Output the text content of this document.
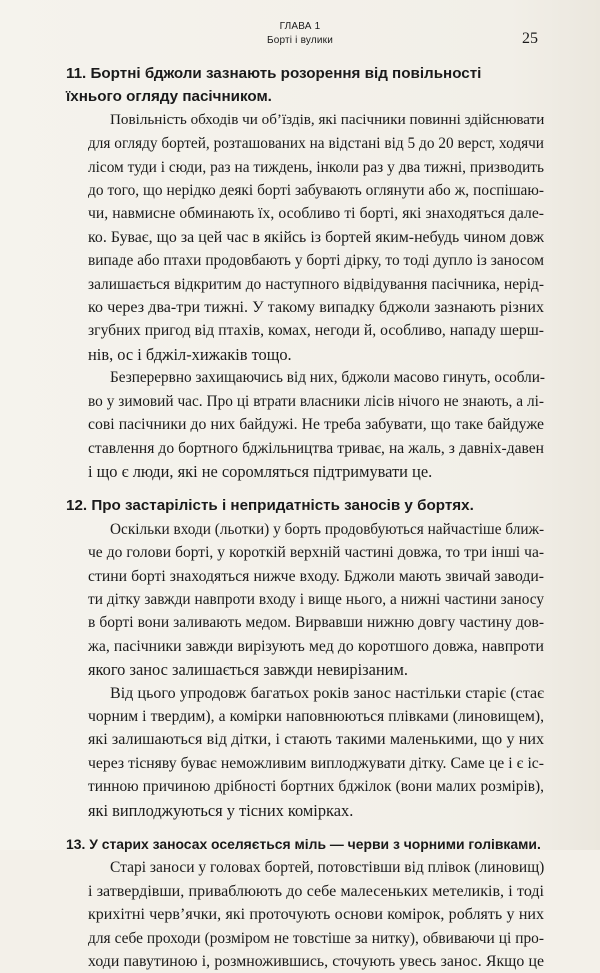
ГЛАВА 1
Борті і вулики	25
11. Бортні бджоли зазнають розорення від повільності
їхнього огляду пасічником.
Повільність обходів чи об’їздів, які пасічники повинні здійснювати
для огляду бортей, розташованих на відстані від 5 до 20 верст, ходячи
лісом туди і сюди, раз на тиждень, інколи раз у два тижні, призводить
до того, що нерідко деякі борті забувають оглянути або ж, поспішаю-
чи, навмисне обминають їх, особливо ті борті, які знаходяться дале-
ко. Буває, що за цей час в якійсь із бортей яким-небудь чином довж
випаде або птахи продовбають у борті дірку, то тоді дупло із заносом
залишається відкритим до наступного відвідування пасічника, нерід-
ко через два-три тижні. У такому випадку бджоли зазнають різних
згубних пригод від птахів, комах, негоди й, особливо, нападу шерш-
нів, ос і бджіл-хижаків тощо.
Безперервно захищаючись від них, бджоли масово гинуть, особли-
во у зимовий час. Про ці втрати власники лісів нічого не знають, а лі-
сові пасічники до них байдужі. Не треба забувати, що таке байдуже
ставлення до бортного бджільництва триває, на жаль, з давніх-давен
і що є люди, які не соромляться підтримувати це.
12. Про застарілість і непридатність заносів у бортях.
Оскільки входи (льотки) у борть продовбуються найчастіше ближ-
че до голови борті, у короткій верхній частині довжа, то три інші ча-
стини борті знаходяться нижче входу. Бджоли мають звичай заводи-
ти дітку завжди навпроти входу і вище нього, а нижні частини заносу
в борті вони заливають медом. Вирвавши нижню довгу частину дов-
жа, пасічники завжди вирізують мед до коротшого довжа, навпроти
якого занос залишається завжди невирізаним.
Від цього упродовж багатьох років занос настільки старіє (стає
чорним і твердим), а комірки наповнюються плівками (линовищем),
які залишаються від дітки, і стають такими маленькими, що у них
через тісняву буває неможливим виплоджувати дітку. Саме це і є іс-
тинною причиною дрібності бортних бджілок (вони малих розмірів),
які виплоджуються у тісних комірках.
13. У старих заносах оселяється міль — черви з чорними голівками.
Старі заноси у головах бортей, потовстівши від плівок (линовищ)
і затвердівши, приваблюють до себе малесеньких метеликів, і тоді
крихітні черв’ячки, які проточують основи комірок, роблять у них
для себе проходи (розміром не товстіше за нитку), обвиваючи ці про-
ходи павутиною і, розмножившись, сточують увесь занос. Якщо це
